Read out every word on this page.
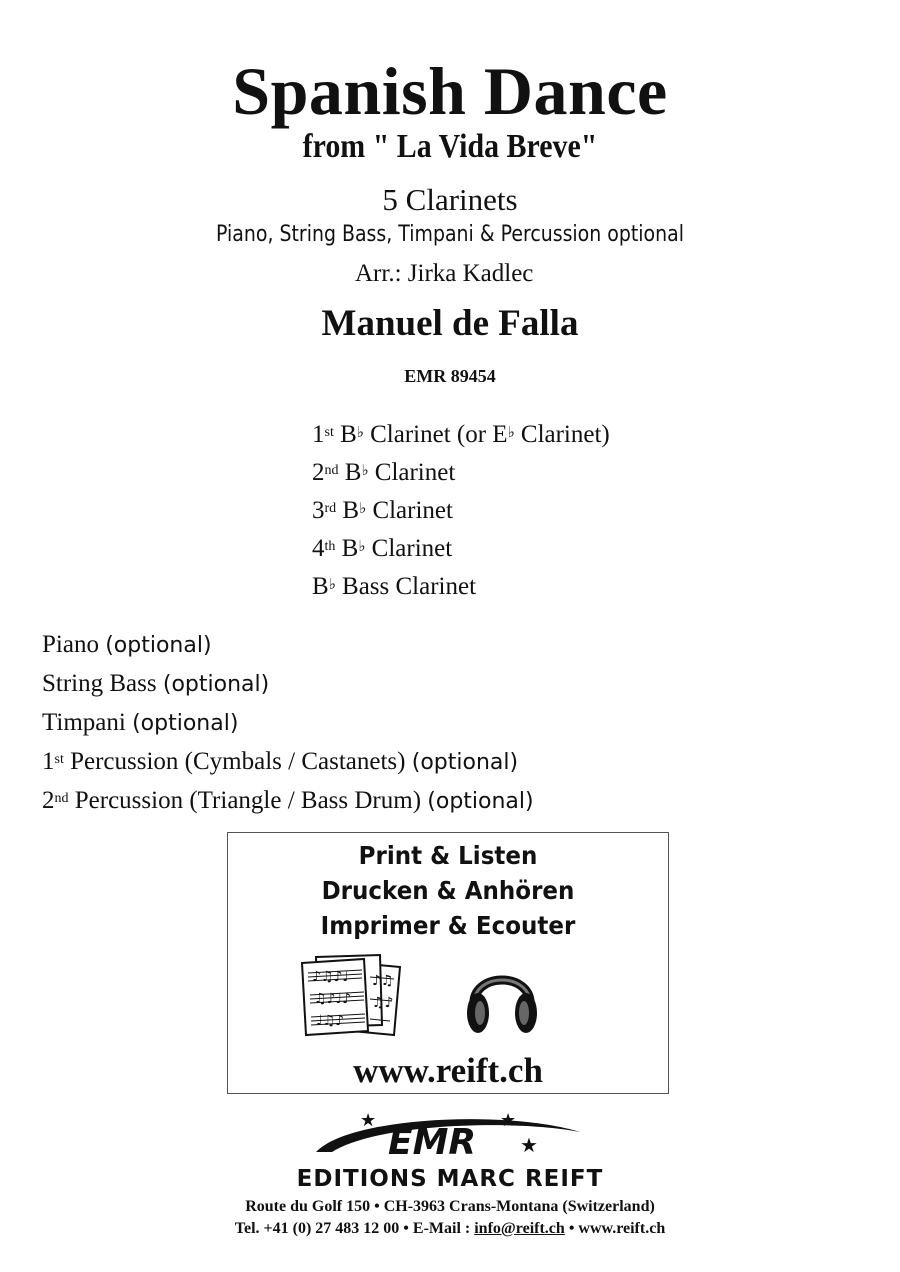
Spanish Dance
from " La Vida Breve"
5 Clarinets
Piano, String Bass, Timpani & Percussion optional
Arr.: Jirka Kadlec
Manuel de Falla
EMR 89454
1st B♭ Clarinet (or E♭ Clarinet)
2nd B♭ Clarinet
3rd B♭ Clarinet
4th B♭ Clarinet
B♭ Bass Clarinet
Piano (optional)
String Bass (optional)
Timpani (optional)
1st Percussion (Cymbals / Castanets) (optional)
2nd Percussion (Triangle / Bass Drum) (optional)
Print & Listen
Drucken & Anhören
Imprimer & Ecouter
♪♫♪♩
♫♪♩♪
♩♫♪
♪♫
♫♪
www.reift.ch
EMR
★	★
★
EDITIONS MARC REIFT
Route du Golf 150 • CH-3963 Crans-Montana (Switzerland)
Tel. +41 (0) 27 483 12 00 • E-Mail : info@reift.ch • www.reift.ch
